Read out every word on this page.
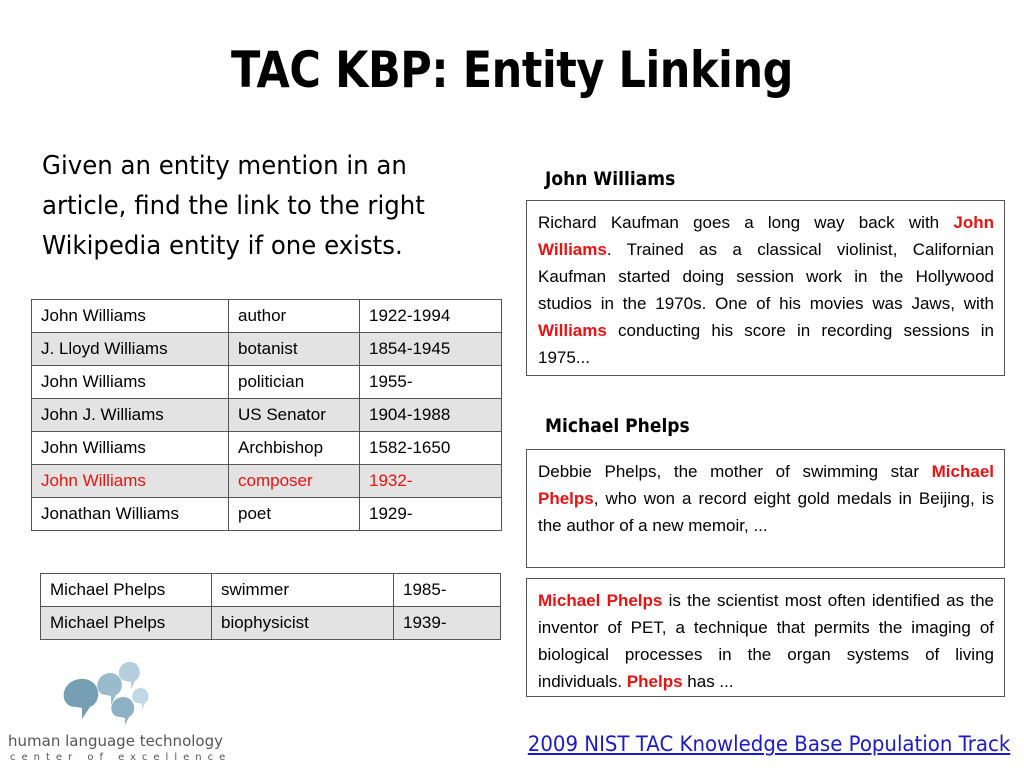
TAC KBP: Entity Linking
Given an entity mention in an article, find the link to the right Wikipedia entity if one exists.
John Williams	author	1922-1994
J. Lloyd Williams	botanist	1854-1945
John Williams	politician	1955-
John J. Williams	US Senator	1904-1988
John Williams	Archbishop	1582-1650
John Williams	composer	1932-
Jonathan Williams	poet	1929-
Michael Phelps	swimmer	1985-
Michael Phelps	biophysicist	1939-
John Williams
Richard Kaufman goes a long way back with John Williams. Trained as a classical violinist, Californian Kaufman started doing session work in the Hollywood studios in the 1970s. One of his movies was Jaws, with Williams conducting his score in recording sessions in 1975...
Michael Phelps
Debbie Phelps, the mother of swimming star Michael Phelps, who won a record eight gold medals in Beijing, is the author of a new memoir, ...
Michael Phelps is the scientist most often identified as the inventor of PET, a technique that permits the imaging of biological processes in the organ systems of living individuals. Phelps has ...
human language technology
center of excellence
2009 NIST TAC Knowledge Base Population Track
